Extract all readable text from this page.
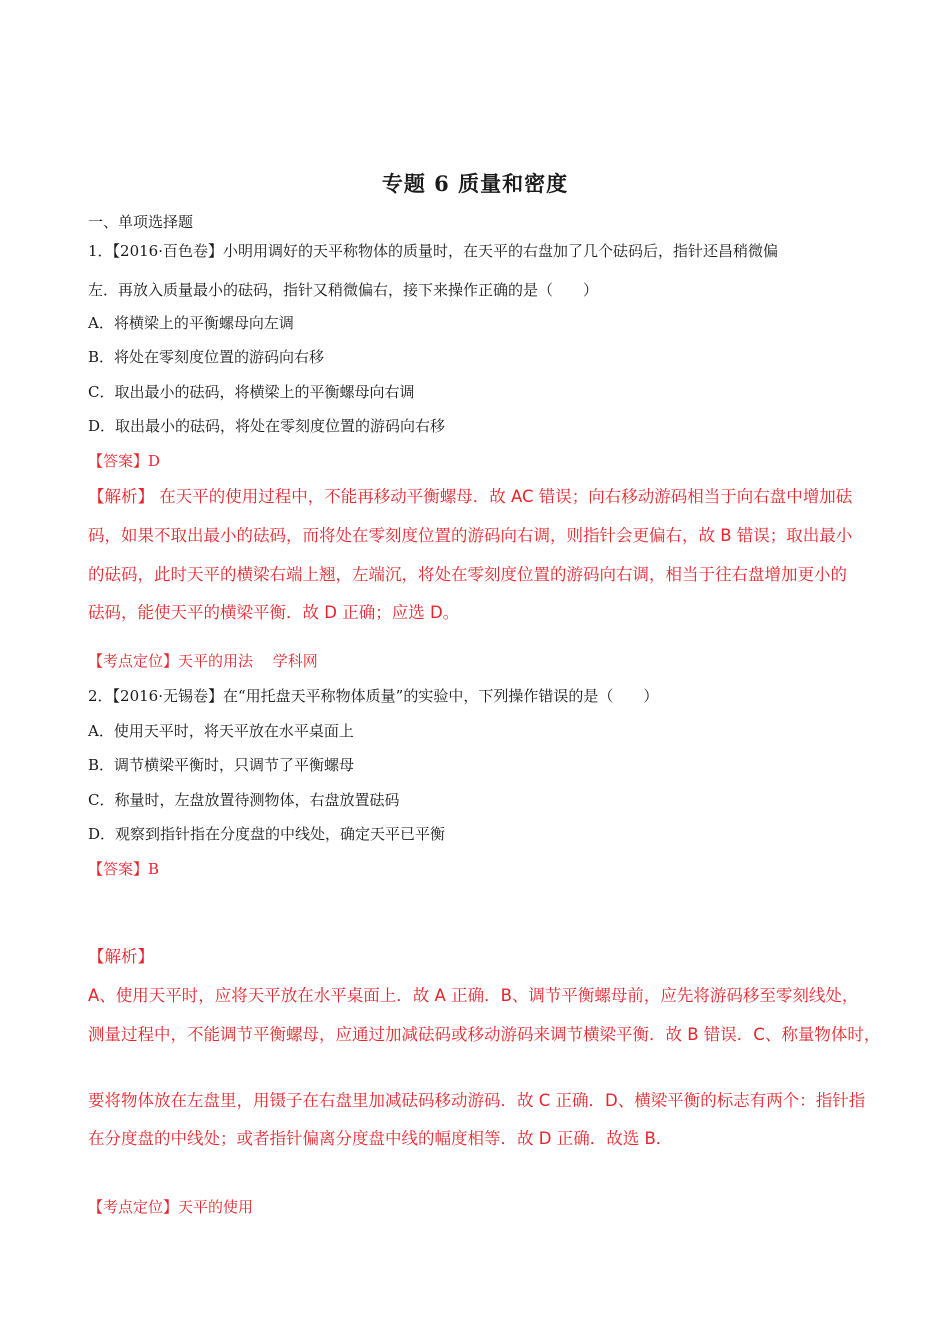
专题 6 质量和密度
一、单项选择题
1．【2016·百色卷】小明用调好的天平称物体的质量时，在天平的右盘加了几个砝码后，指针还昌稍微偏
左．再放入质量最小的砝码，指针又稍微偏右，接下来操作正确的是（　　）
A．将横梁上的平衡螺母向左调
B．将处在零刻度位置的游码向右移
C．取出最小的砝码，将横梁上的平衡螺母向右调
D．取出最小的砝码，将处在零刻度位置的游码向右移
【答案】D
【解析】 在天平的使用过程中，不能再移动平衡螺母．故 AC 错误；向右移动游码相当于向右盘中增加砝
码，如果不取出最小的砝码，而将处在零刻度位置的游码向右调，则指针会更偏右，故 B 错误；取出最小
的砝码，此时天平的横梁右端上翘，左端沉，将处在零刻度位置的游码向右调，相当于往右盘增加更小的
砝码，能使天平的横梁平衡．故 D 正确；应选 D。
【考点定位】天平的用法　 学科网
2．【2016·无锡卷】在“用托盘天平称物体质量”的实验中，下列操作错误的是（　　）
A．使用天平时，将天平放在水平桌面上
B．调节横梁平衡时，只调节了平衡螺母
C．称量时，左盘放置待测物体，右盘放置砝码
D．观察到指针指在分度盘的中线处，确定天平已平衡
【答案】B
【解析】
A、使用天平时，应将天平放在水平桌面上．故 A 正确．B、调节平衡螺母前，应先将游码移至零刻线处，
测量过程中，不能调节平衡螺母，应通过加减砝码或移动游码来调节横梁平衡．故 B 错误．C、称量物体时，
要将物体放在左盘里，用镊子在右盘里加减砝码移动游码．故 C 正确．D、横梁平衡的标志有两个：指针指
在分度盘的中线处；或者指针偏离分度盘中线的幅度相等．故 D 正确．故选 B．
【考点定位】天平的使用
